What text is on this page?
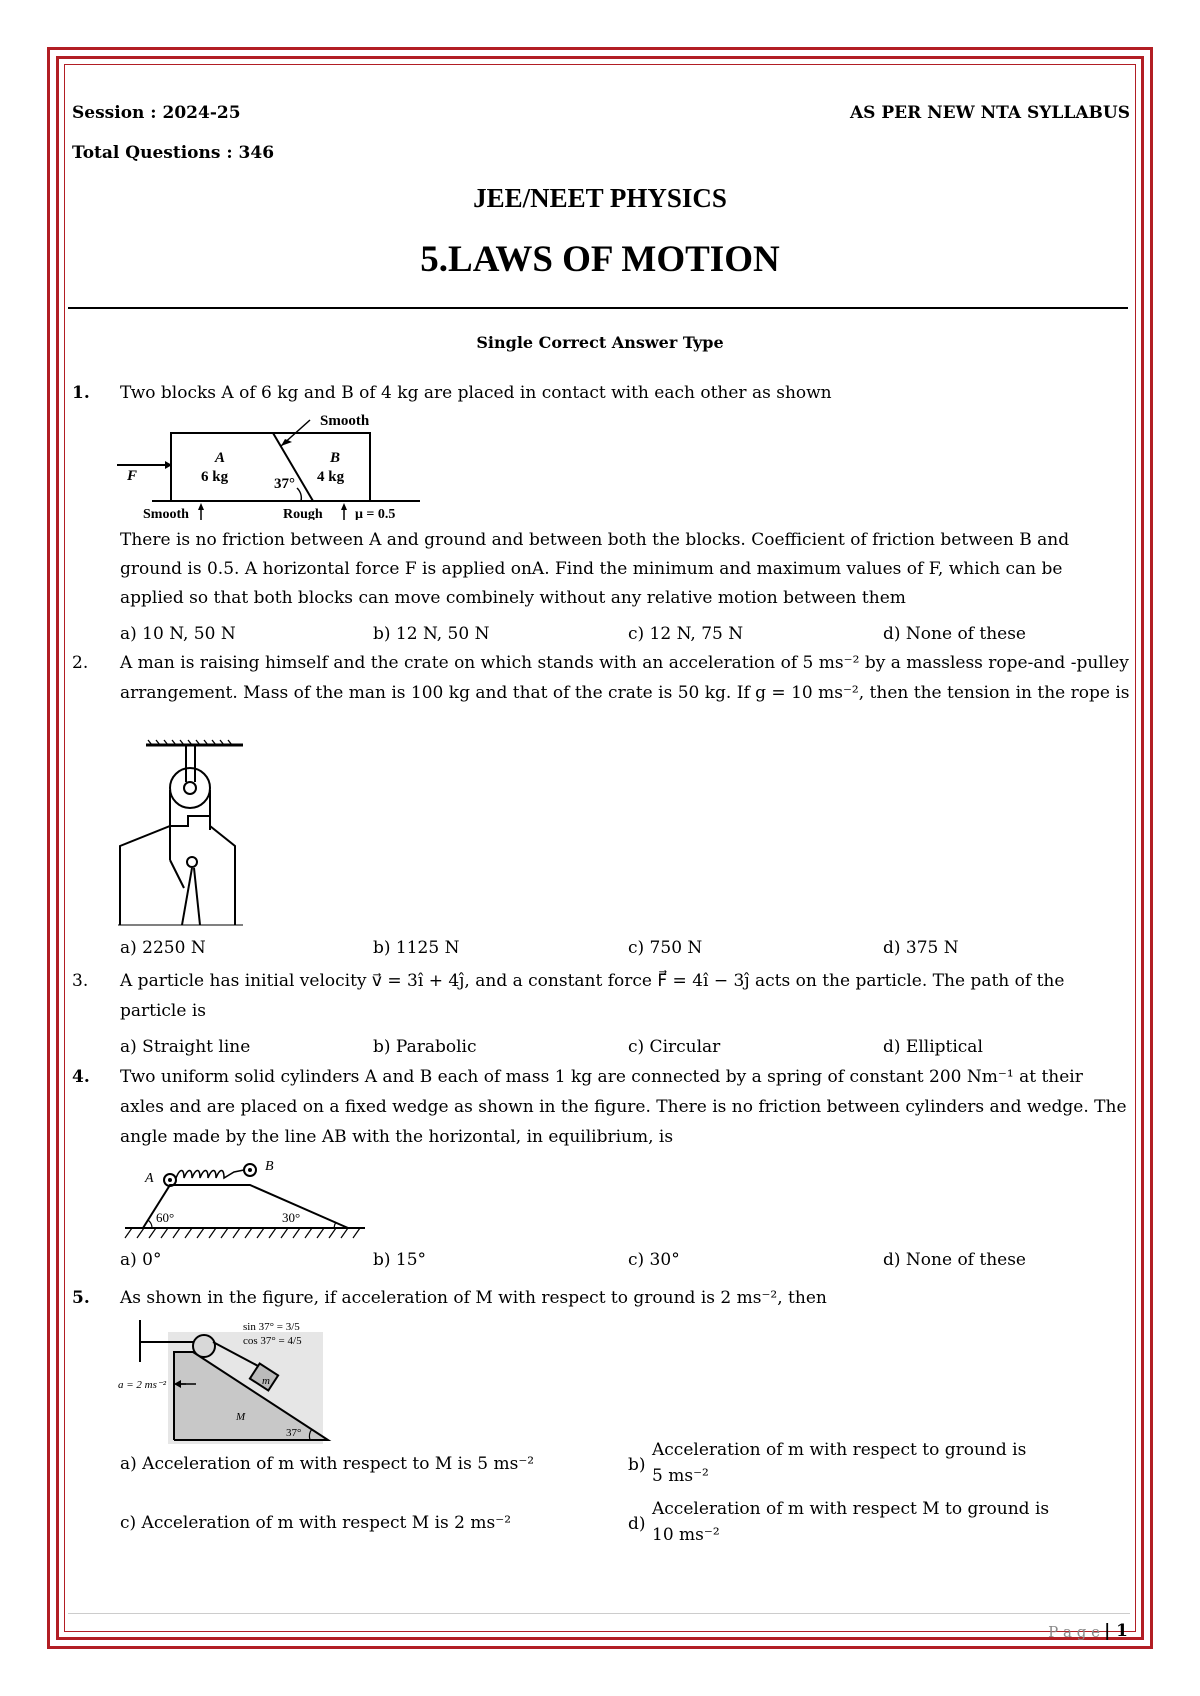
Session : 2024-25	AS PER NEW NTA SYLLABUS
Total Questions : 346
JEE/NEET PHYSICS
5.LAWS OF MOTION
Single Correct Answer Type
1. Two blocks A of 6 kg and B of 4 kg are placed in contact with each other as shown
Smooth
A
6 kg
B
4 kg
37°
F
Smooth	Rough μ = 0.5
There is no friction between A and ground and between both the blocks. Coefficient of friction between B and ground is 0.5. A horizontal force F is applied onA. Find the minimum and maximum values of F, which can be applied so that both blocks can move combinely without any relative motion between them
a) 10 N, 50 N	b) 12 N, 50 N	c) 12 N, 75 N	d) None of these
2. A man is raising himself and the crate on which stands with an acceleration of 5 ms⁻² by a massless rope-and -pulley arrangement. Mass of the man is 100 kg and that of the crate is 50 kg. If g = 10 ms⁻², then the tension in the rope is
a) 2250 N	b) 1125 N	c) 750 N	d) 375 N
3. A particle has initial velocity v⃗ = 3î + 4ĵ, and a constant force F⃗ = 4î − 3ĵ acts on the particle. The path of the particle is
a) Straight line	b) Parabolic	c) Circular	d) Elliptical
4. Two uniform solid cylinders A and B each of mass 1 kg are connected by a spring of constant 200 Nm⁻¹ at their axles and are placed on a fixed wedge as shown in the figure. There is no friction between cylinders and wedge. The angle made by the line AB with the horizontal, in equilibrium, is
A
B
60°	30°
a) 0°	b) 15°	c) 30°	d) None of these
5. As shown in the figure, if acceleration of M with respect to ground is 2 ms⁻², then
sin 37° = 3/5
cos 37° = 4/5
a = 2 ms⁻²	m
M
37°
a) Acceleration of m with respect to M is 5 ms⁻²	b)
Acceleration of m with respect to ground is
5 ms⁻²
c) Acceleration of m with respect M is 2 ms⁻²	d)
Acceleration of m with respect M to ground is
10 ms⁻²
P a g e | 1
